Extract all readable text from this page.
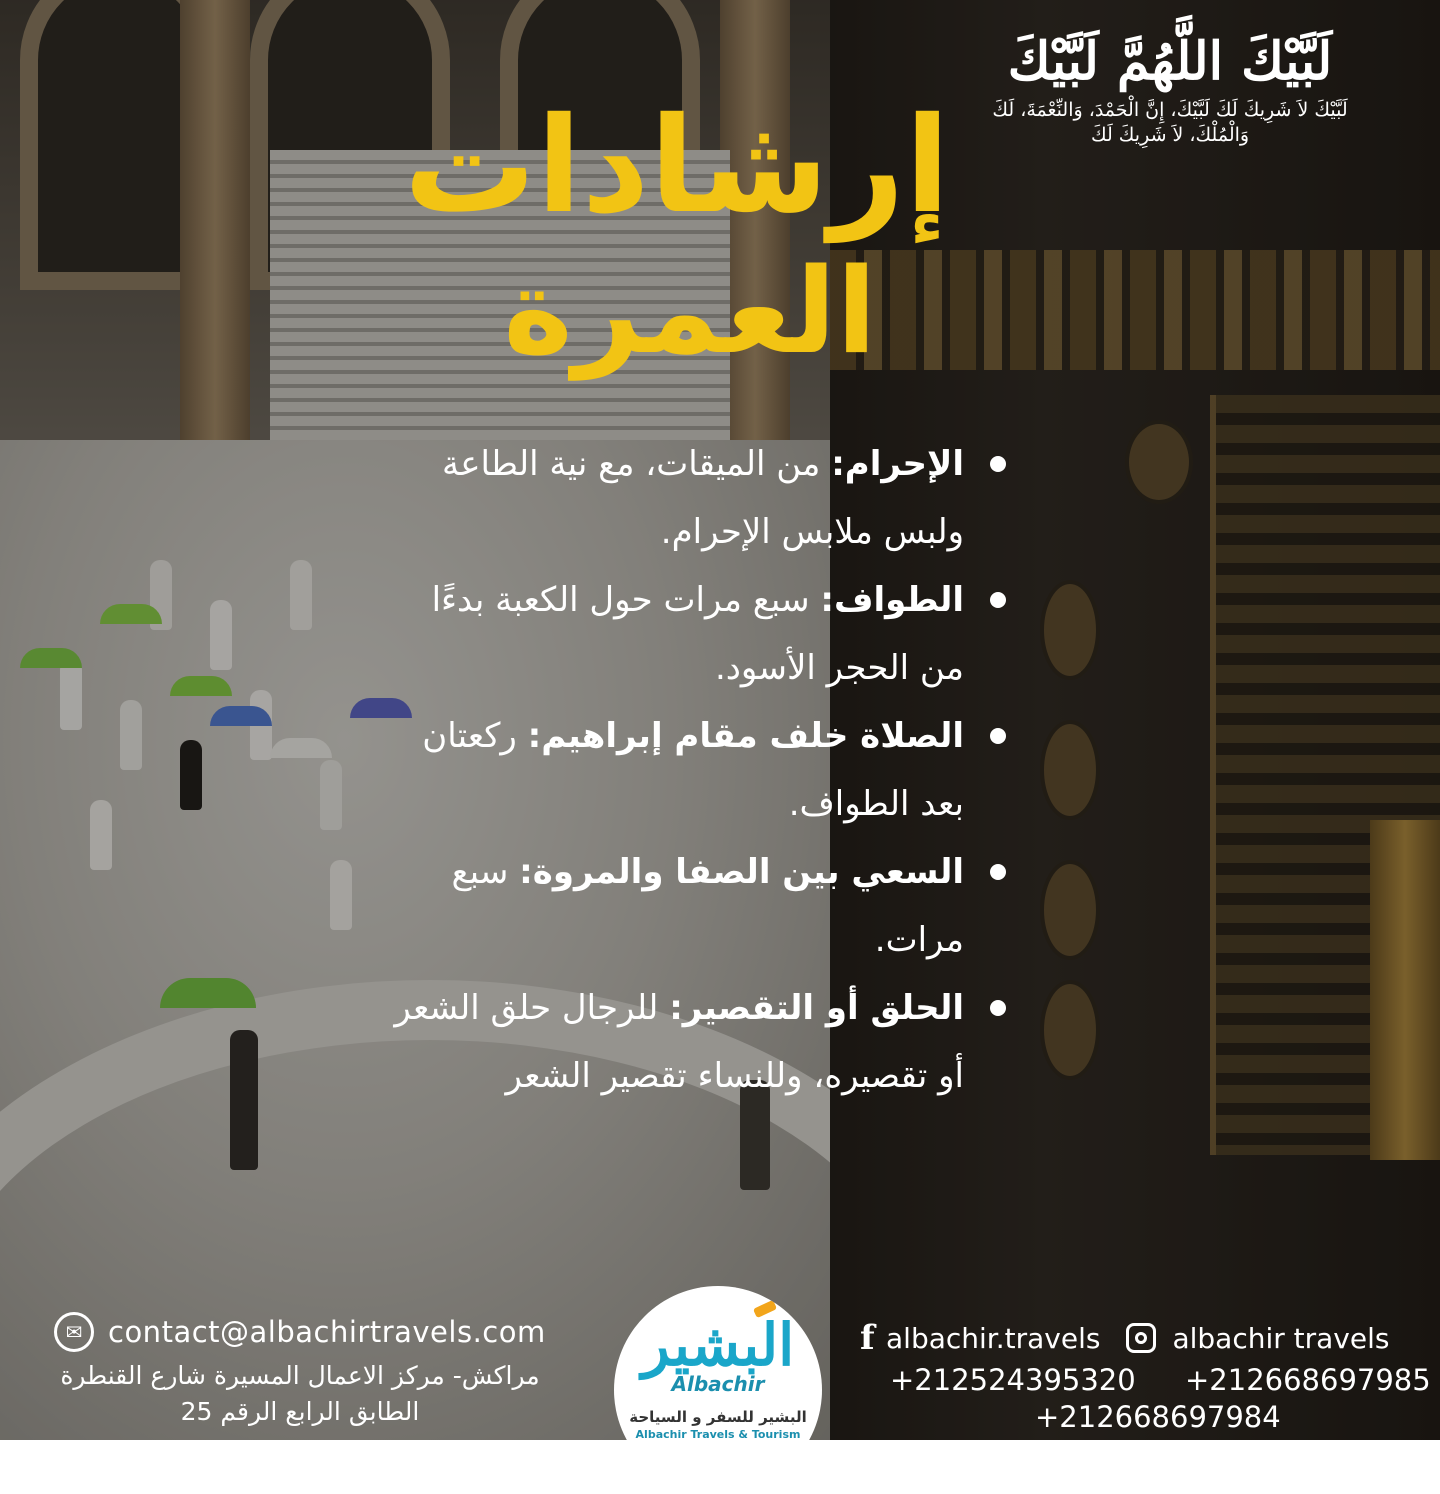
لَبَّيْكَ اللَّهُمَّ لَبَّيْكَ
لَبَّيْكَ لاَ شَرِيكَ لَكَ لَبَّيْكَ، إِنَّ الْحَمْدَ، وَالنِّعْمَةَ، لَكَ وَالْمُلْكَ، لاَ شَرِيكَ لَكَ
إرشادات
العمرة
الإحرام: من الميقات، مع نية الطاعة ولبس ملابس الإحرام.
الطواف: سبع مرات حول الكعبة بدءًا من الحجر الأسود.
الصلاة خلف مقام إبراهيم: ركعتان بعد الطواف.
السعي بين الصفا والمروة: سبع مرات.
الحلق أو التقصير: للرجال حلق الشعر أو تقصيره، وللنساء تقصير الشعر
✉ contact@albachirtravels.com
مراكش- مركز الاعمال المسيرة شارع القنطرة
الطابق الرابع الرقم 25
البشير
Albachir
البشير للسفر و السياحة
Albachir Travels & Tourism
f albachir.travels	albachir travels
+212524395320 +212668697985
+212668697984
